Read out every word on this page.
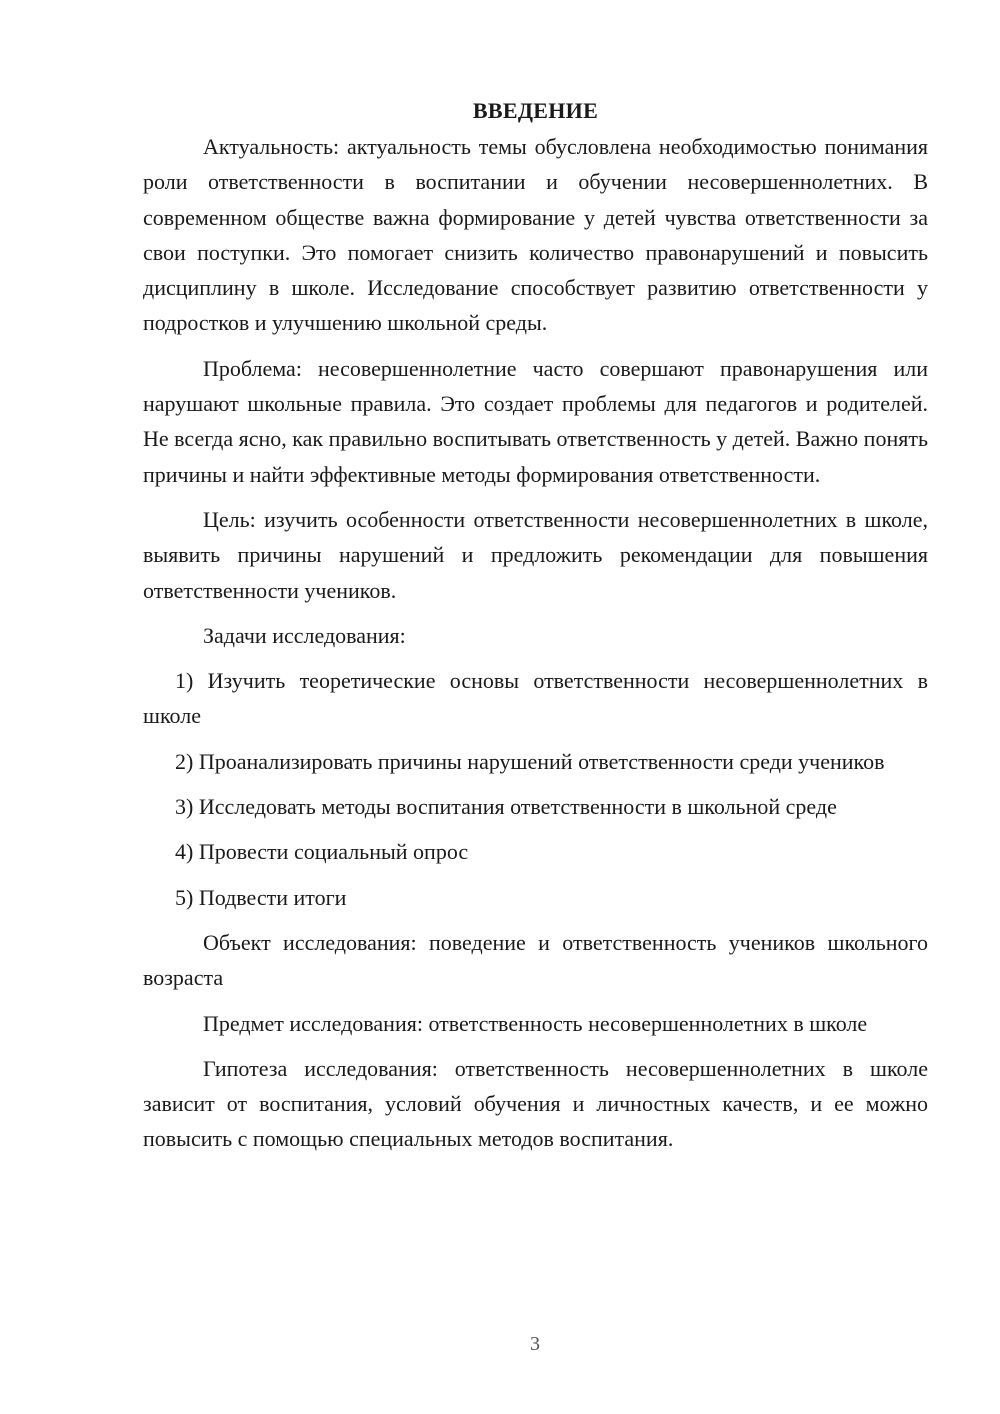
ВВЕДЕНИЕ

Актуальность: актуальность темы обусловлена необходимостью понимания роли ответственности в воспитании и обучении несовершеннолетних. В современном обществе важна формирование у детей чувства ответственности за свои поступки. Это помогает снизить количество правонарушений и повысить дисциплину в школе. Исследование способствует развитию ответственности у подростков и улучшению школьной среды.

Проблема: несовершеннолетние часто совершают правонарушения или нарушают школьные правила. Это создает проблемы для педагогов и родителей. Не всегда ясно, как правильно воспитывать ответственность у детей. Важно понять причины и найти эффективные методы формирования ответственности.

Цель: изучить особенности ответственности несовершеннолетних в школе, выявить причины нарушений и предложить рекомендации для повышения ответственности учеников.

Задачи исследования:

1) Изучить теоретические основы ответственности несовершеннолетних в школе

2) Проанализировать причины нарушений ответственности среди учеников

3) Исследовать методы воспитания ответственности в школьной среде

4) Провести социальный опрос

5) Подвести итоги

Объект исследования: поведение и ответственность учеников школьного возраста

Предмет исследования: ответственность несовершеннолетних в школе

Гипотеза исследования: ответственность несовершеннолетних в школе зависит от воспитания, условий обучения и личностных качеств, и ее можно повысить с помощью специальных методов воспитания.

3
